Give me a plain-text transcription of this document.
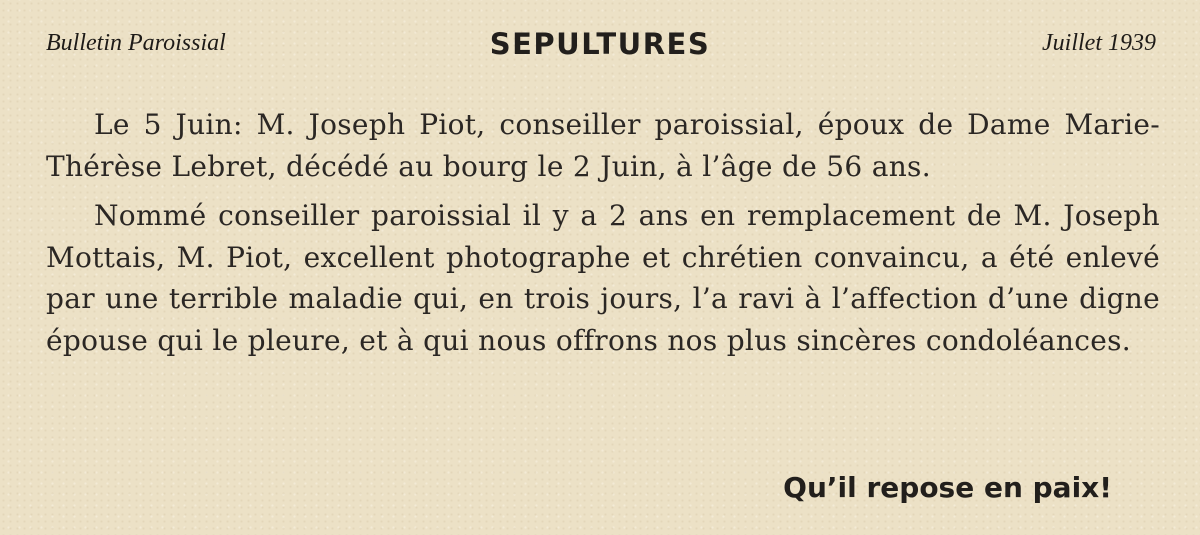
Bulletin Paroissial	SEPULTURES	Juillet 1939

Le 5 Juin: M. Joseph Piot, conseiller paroissial, époux de Dame Marie-Thérèse Lebret, décédé au bourg le 2 Juin, à l’âge de 56 ans.

Nommé conseiller paroissial il y a 2 ans en remplacement de M. Joseph Mottais, M. Piot, excellent photographe et chrétien convaincu, a été enlevé par une terrible maladie qui, en trois jours, l’a ravi à l’affection d’une digne épouse qui le pleure, et à qui nous offrons nos plus sincères condoléances.

Qu’il repose en paix!
